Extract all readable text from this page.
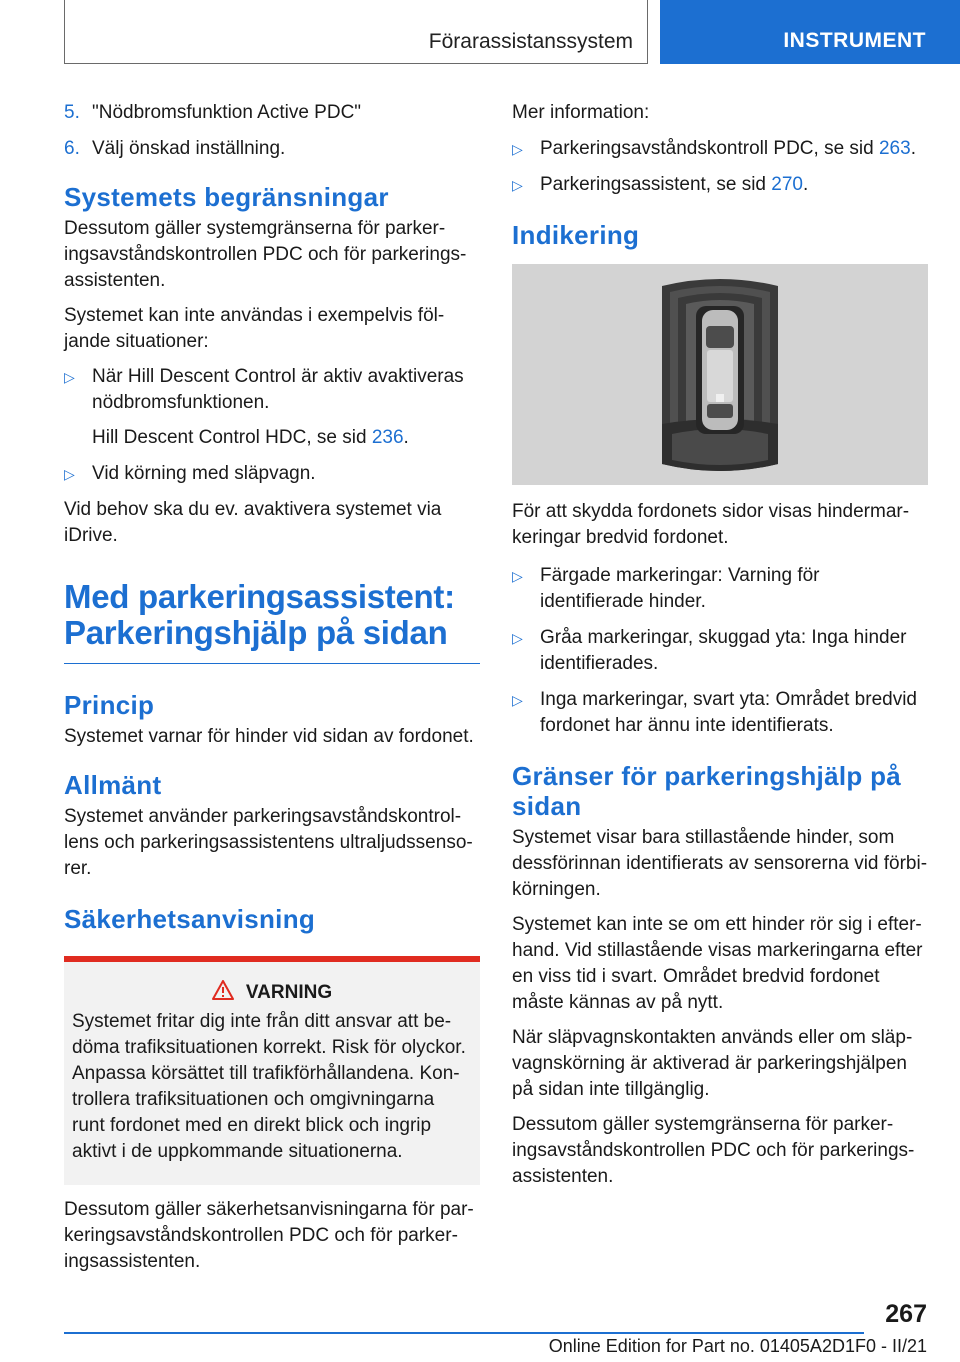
Förarassistanssystem	INSTRUMENT
5. "Nödbromsfunktion Active PDC"
6. Välj önskad inställning.
Systemets begränsningar

Dessutom gäller systemgränserna för parker-ingsavståndskontrollen PDC och för parkerings-assistenten.

Systemet kan inte användas i exempelvis föl-jande situationer:

▷ När Hill Descent Control är aktiv avaktiveras nödbromsfunktionen.

Hill Descent Control HDC, se sid 236.

▷ Vid körning med släpvagn.

Vid behov ska du ev. avaktivera systemet via iDrive.

Med parkeringsassistent:
Parkeringshjälp på sidan
Princip

Systemet varnar för hinder vid sidan av fordonet.

Allmänt

Systemet använder parkeringsavståndskontrol-lens och parkeringsassistentens ultraljudssenso-rer.

Säkerhetsanvisning
VARNING
Systemet fritar dig inte från ditt ansvar att be-döma trafiksituationen korrekt. Risk för olyckor. Anpassa körsättet till trafikförhållandena. Kon-trollera trafiksituationen och omgivningarna runt fordonet med en direkt blick och ingrip aktivt i de uppkommande situationerna.

Dessutom gäller säkerhetsanvisningarna för par-keringsavståndskontrollen PDC och för parker-ingsassistenten.

Mer information:

▷ Parkeringsavståndskontroll PDC, se sid 263.

▷ Parkeringsassistent, se sid 270.

Indikering

För att skydda fordonets sidor visas hindermar-keringar bredvid fordonet.

▷ Färgade markeringar: Varning för identifierade hinder.

▷ Gråa markeringar, skuggad yta: Inga hinder identifierades.

▷ Inga markeringar, svart yta: Området bredvid fordonet har ännu inte identifierats.

Gränser för parkeringshjälp på sidan

Systemet visar bara stillastående hinder, som dessförinnan identifierats av sensorerna vid förbi-körningen.

Systemet kan inte se om ett hinder rör sig i efter-hand. Vid stillastående visas markeringarna efter en viss tid i svart. Området bredvid fordonet måste kännas av på nytt.

När släpvagnskontakten används eller om släp-vagnskörning är aktiverad är parkeringshjälpen på sidan inte tillgänglig.

Dessutom gäller systemgränserna för parker-ingsavståndskontrollen PDC och för parkerings-assistenten.

267
Online Edition for Part no. 01405A2D1F0 - II/21
